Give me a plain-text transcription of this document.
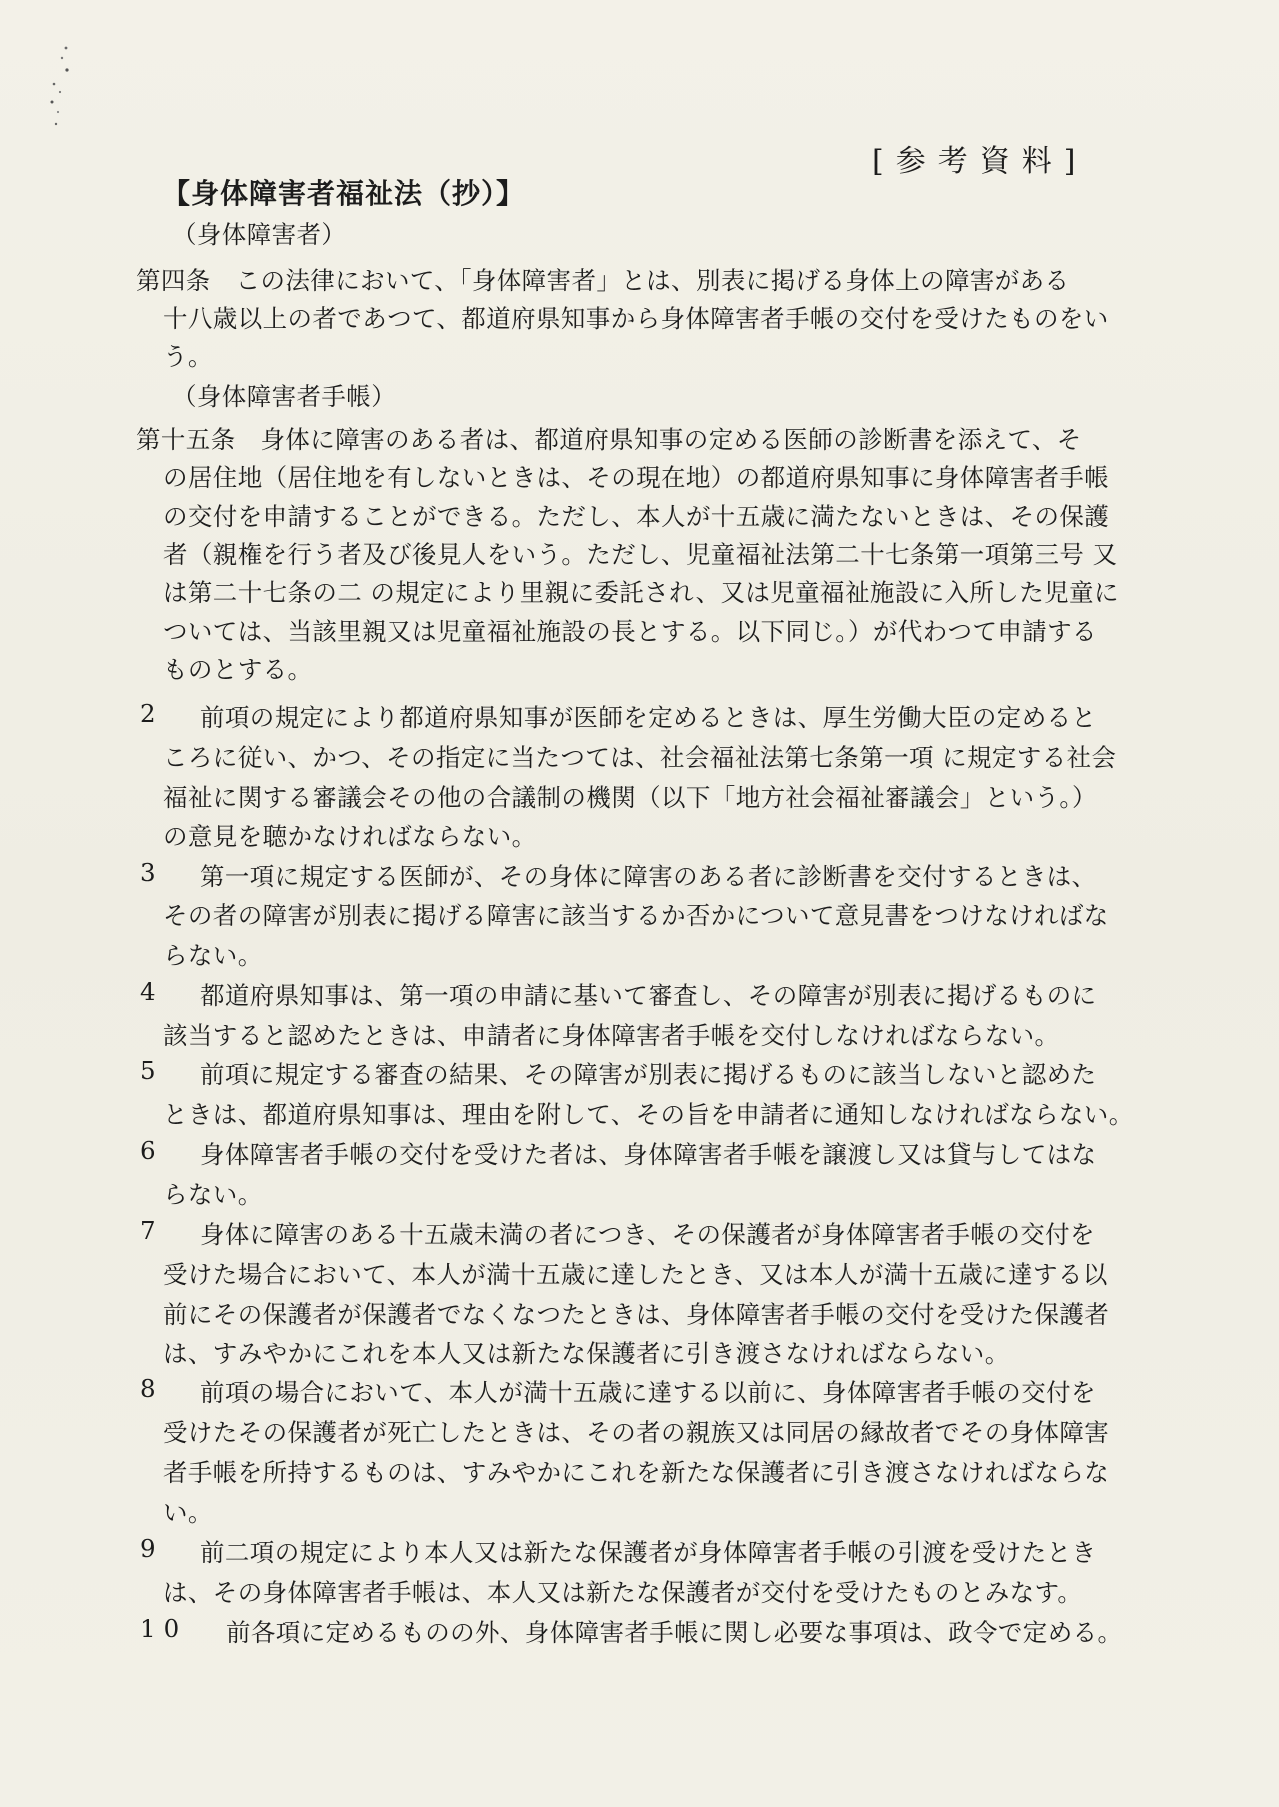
[参考資料]
【身体障害者福祉法（抄）】
（身体障害者）
第四条　この法律において、「身体障害者」とは、別表に掲げる身体上の障害がある
十八歳以上の者であつて、都道府県知事から身体障害者手帳の交付を受けたものをい
う。
（身体障害者手帳）
第十五条　身体に障害のある者は、都道府県知事の定める医師の診断書を添えて、そ
の居住地（居住地を有しないときは、その現在地）の都道府県知事に身体障害者手帳
の交付を申請することができる。ただし、本人が十五歳に満たないときは、その保護
者（親権を行う者及び後見人をいう。ただし、児童福祉法第二十七条第一項第三号 又
は第二十七条の二 の規定により里親に委託され、又は児童福祉施設に入所した児童に
ついては、当該里親又は児童福祉施設の長とする。以下同じ。）が代わつて申請する
ものとする。
2 前項の規定により都道府県知事が医師を定めるときは、厚生労働大臣の定めると
ころに従い、かつ、その指定に当たつては、社会福祉法第七条第一項 に規定する社会
福祉に関する審議会その他の合議制の機関（以下「地方社会福祉審議会」という。）
の意見を聴かなければならない。
3 第一項に規定する医師が、その身体に障害のある者に診断書を交付するときは、
その者の障害が別表に掲げる障害に該当するか否かについて意見書をつけなければな
らない。
4 都道府県知事は、第一項の申請に基いて審査し、その障害が別表に掲げるものに
該当すると認めたときは、申請者に身体障害者手帳を交付しなければならない。
5 前項に規定する審査の結果、その障害が別表に掲げるものに該当しないと認めた
ときは、都道府県知事は、理由を附して、その旨を申請者に通知しなければならない。
6 身体障害者手帳の交付を受けた者は、身体障害者手帳を譲渡し又は貸与してはな
らない。
7 身体に障害のある十五歳未満の者につき、その保護者が身体障害者手帳の交付を
受けた場合において、本人が満十五歳に達したとき、又は本人が満十五歳に達する以
前にその保護者が保護者でなくなつたときは、身体障害者手帳の交付を受けた保護者
は、すみやかにこれを本人又は新たな保護者に引き渡さなければならない。
8 前項の場合において、本人が満十五歳に達する以前に、身体障害者手帳の交付を
受けたその保護者が死亡したときは、その者の親族又は同居の縁故者でその身体障害
者手帳を所持するものは、すみやかにこれを新たな保護者に引き渡さなければならな
い。
9 前二項の規定により本人又は新たな保護者が身体障害者手帳の引渡を受けたとき
は、その身体障害者手帳は、本人又は新たな保護者が交付を受けたものとみなす。
10 前各項に定めるものの外、身体障害者手帳に関し必要な事項は、政令で定める。
